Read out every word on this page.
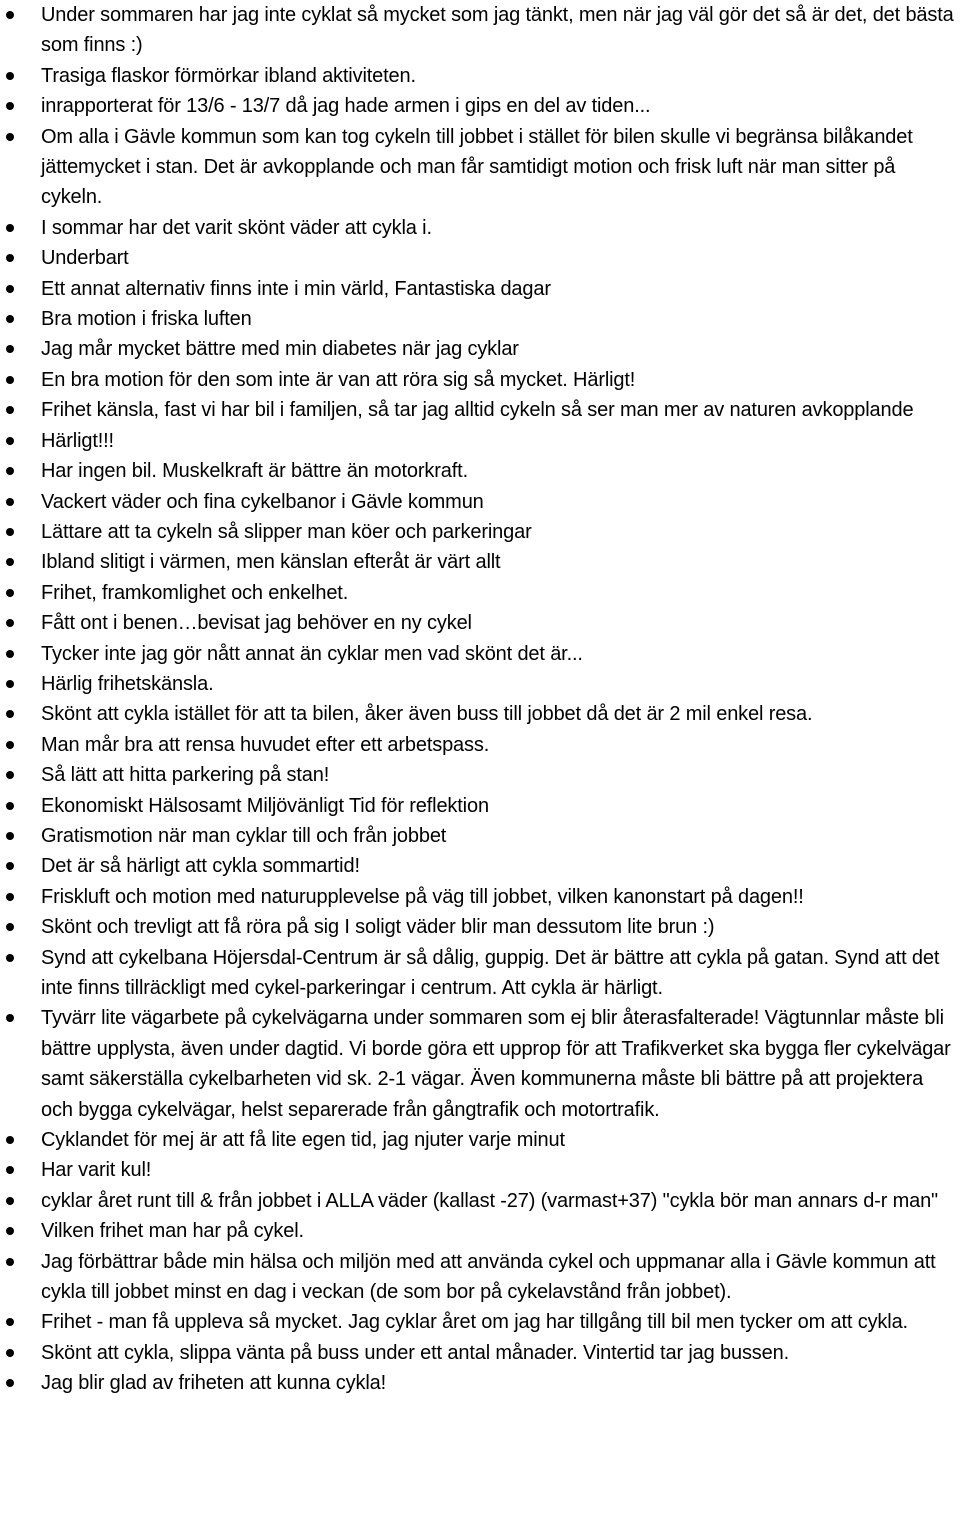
Under sommaren har jag inte cyklat så mycket som jag tänkt, men när jag väl gör det så är det, det bästa som finns :)
Trasiga flaskor förmörkar ibland aktiviteten.
inrapporterat för 13/6 - 13/7 då jag hade armen i gips en del av tiden...
Om alla i Gävle kommun som kan tog cykeln till jobbet i stället för bilen skulle vi begränsa bilåkandet jättemycket i stan. Det är avkopplande och man får samtidigt motion och frisk luft när man sitter på cykeln.
I sommar har det varit skönt väder att cykla i.
Underbart
Ett annat alternativ finns inte i min värld, Fantastiska dagar
Bra motion i friska luften
Jag mår mycket bättre med min diabetes när jag cyklar
En bra motion för den som inte är van att röra sig så mycket. Härligt!
Frihet känsla, fast vi har bil i familjen, så tar jag alltid cykeln så ser man mer av naturen avkopplande
Härligt!!!
Har ingen bil. Muskelkraft är bättre än motorkraft.
Vackert väder och fina cykelbanor i Gävle kommun
Lättare att ta cykeln så slipper man köer och parkeringar
Ibland slitigt i värmen, men känslan efteråt är värt allt
Frihet, framkomlighet och enkelhet.
Fått ont i benen…bevisat jag behöver en ny cykel
Tycker inte jag gör nått annat än cyklar men vad skönt det är...
Härlig frihetskänsla.
Skönt att cykla istället för att ta bilen, åker även buss till jobbet då det är 2 mil enkel resa.
Man mår bra att rensa huvudet efter ett arbetspass.
Så lätt att hitta parkering på stan!
Ekonomiskt Hälsosamt Miljövänligt Tid för reflektion
Gratismotion när man cyklar till och från jobbet
Det är så härligt att cykla sommartid!
Friskluft och motion med naturupplevelse på väg till jobbet, vilken kanonstart på dagen!!
Skönt och trevligt att få röra på sig I soligt väder blir man dessutom lite brun :)
Synd att cykelbana Höjersdal-Centrum är så dålig, guppig. Det är bättre att cykla på gatan. Synd att det inte finns tillräckligt med cykel-parkeringar i centrum. Att cykla är härligt.
Tyvärr lite vägarbete på cykelvägarna under sommaren som ej blir återasfalterade! Vägtunnlar måste bli bättre upplysta, även under dagtid. Vi borde göra ett upprop för att Trafikverket ska bygga fler cykelvägar samt säkerställa cykelbarheten vid sk. 2-1 vägar. Även kommunerna måste bli bättre på att projektera och bygga cykelvägar, helst separerade från gångtrafik och motortrafik.
Cyklandet för mej är att få lite egen tid, jag njuter varje minut
Har varit kul!
cyklar året runt till & från jobbet i ALLA väder (kallast -27) (varmast+37) "cykla bör man annars d-r man"
Vilken frihet man har på cykel.
Jag förbättrar både min hälsa och miljön med att använda cykel och uppmanar alla i Gävle kommun att cykla till jobbet minst en dag i veckan (de som bor på cykelavstånd från jobbet).
Frihet - man få uppleva så mycket. Jag cyklar året om jag har tillgång till bil men tycker om att cykla.
Skönt att cykla, slippa vänta på buss under ett antal månader. Vintertid tar jag bussen.
Jag blir glad av friheten att kunna cykla!
